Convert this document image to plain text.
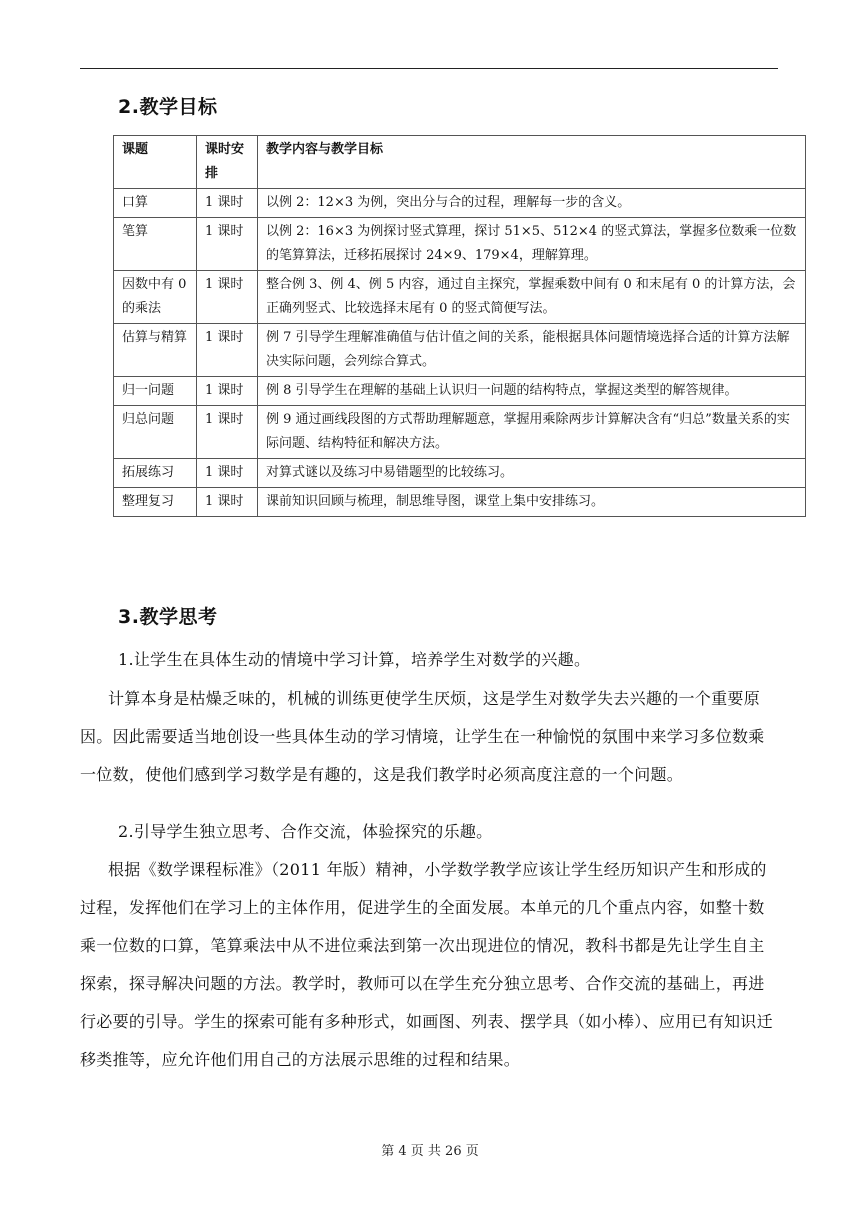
2.教学目标
课题	课时安排	教学内容与教学目标
口算	1 课时	以例 2：12×3 为例，突出分与合的过程，理解每一步的含义。
笔算	1 课时	以例 2：16×3 为例探讨竖式算理，探讨 51×5、512×4 的竖式算法，掌握多位数乘一位数的笔算算法，迁移拓展探讨 24×9、179×4，理解算理。
因数中有 0 的乘法	1 课时	整合例 3、例 4、例 5 内容，通过自主探究，掌握乘数中间有 0 和末尾有 0 的计算方法，会正确列竖式、比较选择末尾有 0 的竖式简便写法。
估算与精算	1 课时	例 7 引导学生理解准确值与估计值之间的关系，能根据具体问题情境选择合适的计算方法解决实际问题，会列综合算式。
归一问题	1 课时	例 8 引导学生在理解的基础上认识归一问题的结构特点，掌握这类型的解答规律。
归总问题	1 课时	例 9 通过画线段图的方式帮助理解题意，掌握用乘除两步计算解决含有“归总”数量关系的实际问题、结构特征和解决方法。
拓展练习	1 课时	对算式谜以及练习中易错题型的比较练习。
整理复习	1 课时	课前知识回顾与梳理，制思维导图，课堂上集中安排练习。
3.教学思考

1.让学生在具体生动的情境中学习计算，培养学生对数学的兴趣。

计算本身是枯燥乏味的，机械的训练更使学生厌烦，这是学生对数学失去兴趣的一个重要原因。因此需要适当地创设一些具体生动的学习情境，让学生在一种愉悦的氛围中来学习多位数乘一位数，使他们感到学习数学是有趣的，这是我们教学时必须高度注意的一个问题。

2.引导学生独立思考、合作交流，体验探究的乐趣。

根据《数学课程标准》（2011 年版）精神，小学数学教学应该让学生经历知识产生和形成的过程，发挥他们在学习上的主体作用，促进学生的全面发展。本单元的几个重点内容，如整十数乘一位数的口算，笔算乘法中从不进位乘法到第一次出现进位的情况，教科书都是先让学生自主探索，探寻解决问题的方法。教学时，教师可以在学生充分独立思考、合作交流的基础上，再进行必要的引导。学生的探索可能有多种形式，如画图、列表、摆学具（如小棒）、应用已有知识迁移类推等，应允许他们用自己的方法展示思维的过程和结果。

第 4 页 共 26 页
